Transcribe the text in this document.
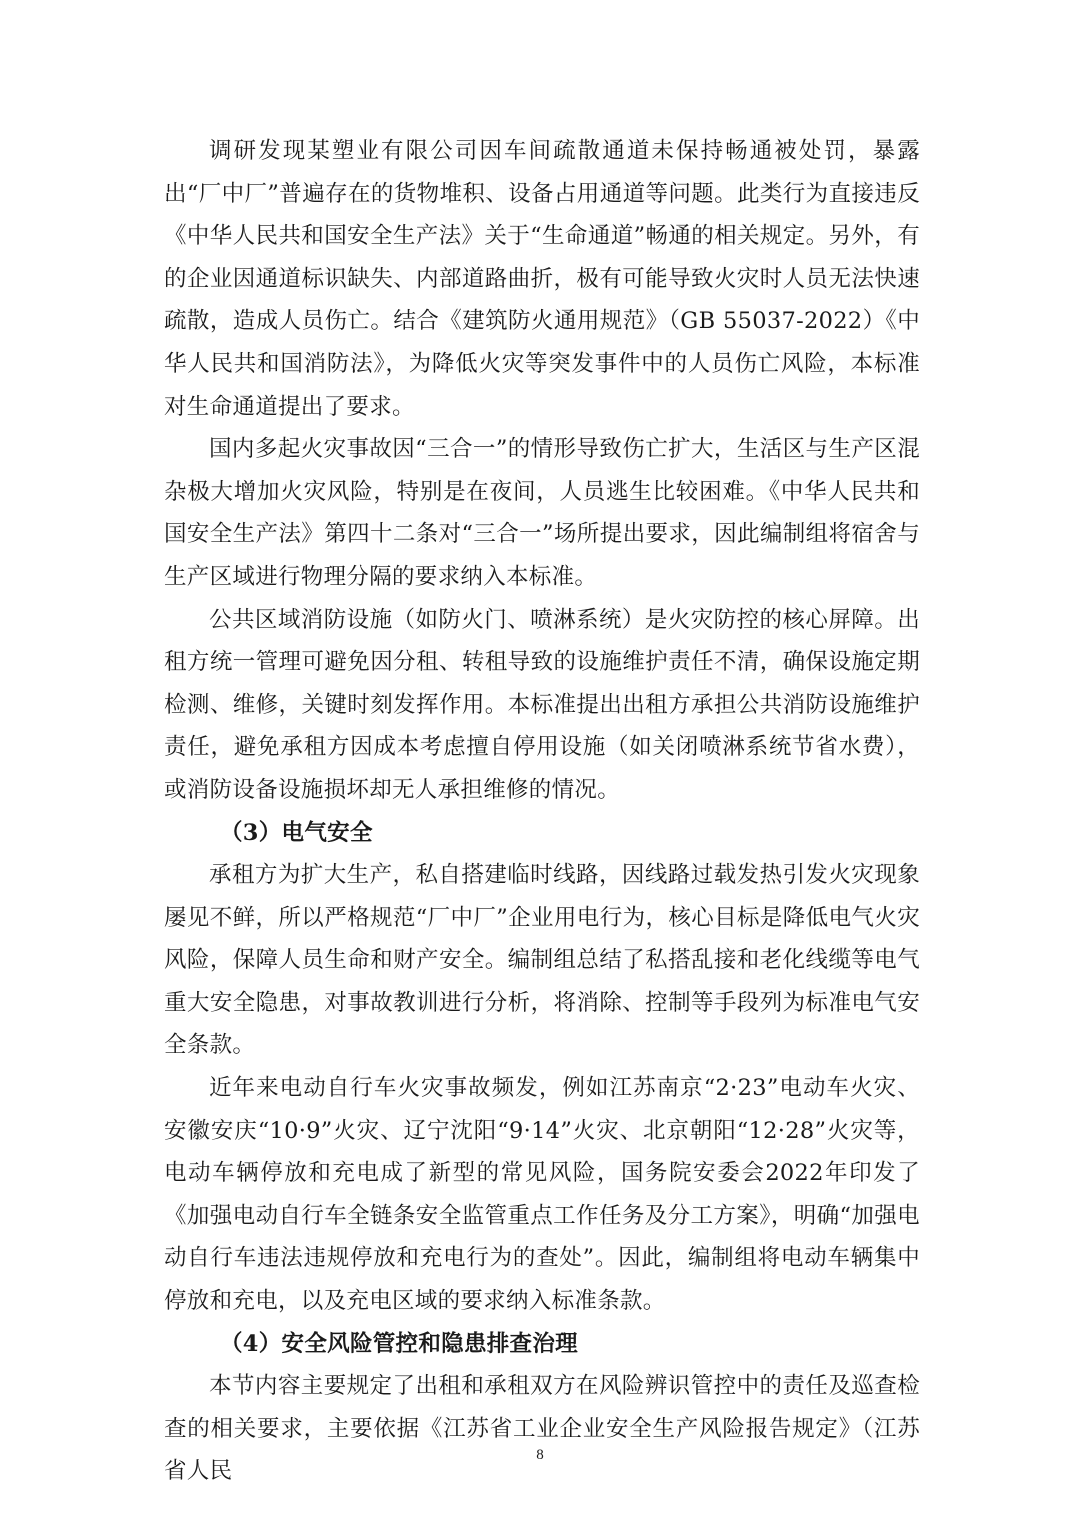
调研发现某塑业有限公司因车间疏散通道未保持畅通被处罚，暴露出“厂中厂”普遍存在的货物堆积、设备占用通道等问题。此类行为直接违反《中华人民共和国安全生产法》关于“生命通道”畅通的相关规定。另外，有的企业因通道标识缺失、内部道路曲折，极有可能导致火灾时人员无法快速疏散，造成人员伤亡。结合《建筑防火通用规范》（GB 55037-2022）《中华人民共和国消防法》，为降低火灾等突发事件中的人员伤亡风险，本标准对生命通道提出了要求。

国内多起火灾事故因“三合一”的情形导致伤亡扩大，生活区与生产区混杂极大增加火灾风险，特别是在夜间，人员逃生比较困难。《中华人民共和国安全生产法》第四十二条对“三合一”场所提出要求，因此编制组将宿舍与生产区域进行物理分隔的要求纳入本标准。

公共区域消防设施（如防火门、喷淋系统）是火灾防控的核心屏障。出租方统一管理可避免因分租、转租导致的设施维护责任不清，确保设施定期检测、维修，关键时刻发挥作用。本标准提出出租方承担公共消防设施维护责任，避免承租方因成本考虑擅自停用设施（如关闭喷淋系统节省水费），或消防设备设施损坏却无人承担维修的情况。

（3）电气安全

承租方为扩大生产，私自搭建临时线路，因线路过载发热引发火灾现象屡见不鲜，所以严格规范“厂中厂”企业用电行为，核心目标是降低电气火灾风险，保障人员生命和财产安全。编制组总结了私搭乱接和老化线缆等电气重大安全隐患，对事故教训进行分析，将消除、控制等手段列为标准电气安全条款。

近年来电动自行车火灾事故频发，例如江苏南京“2·23”电动车火灾、安徽安庆“10·9”火灾、辽宁沈阳“9·14”火灾、北京朝阳“12·28”火灾等，电动车辆停放和充电成了新型的常见风险，国务院安委会2022年印发了《加强电动自行车全链条安全监管重点工作任务及分工方案》，明确“加强电动自行车违法违规停放和充电行为的查处”。因此，编制组将电动车辆集中停放和充电，以及充电区域的要求纳入标准条款。

（4）安全风险管控和隐患排查治理

本节内容主要规定了出租和承租双方在风险辨识管控中的责任及巡查检查的相关要求，主要依据《江苏省工业企业安全生产风险报告规定》（江苏省人民

8
